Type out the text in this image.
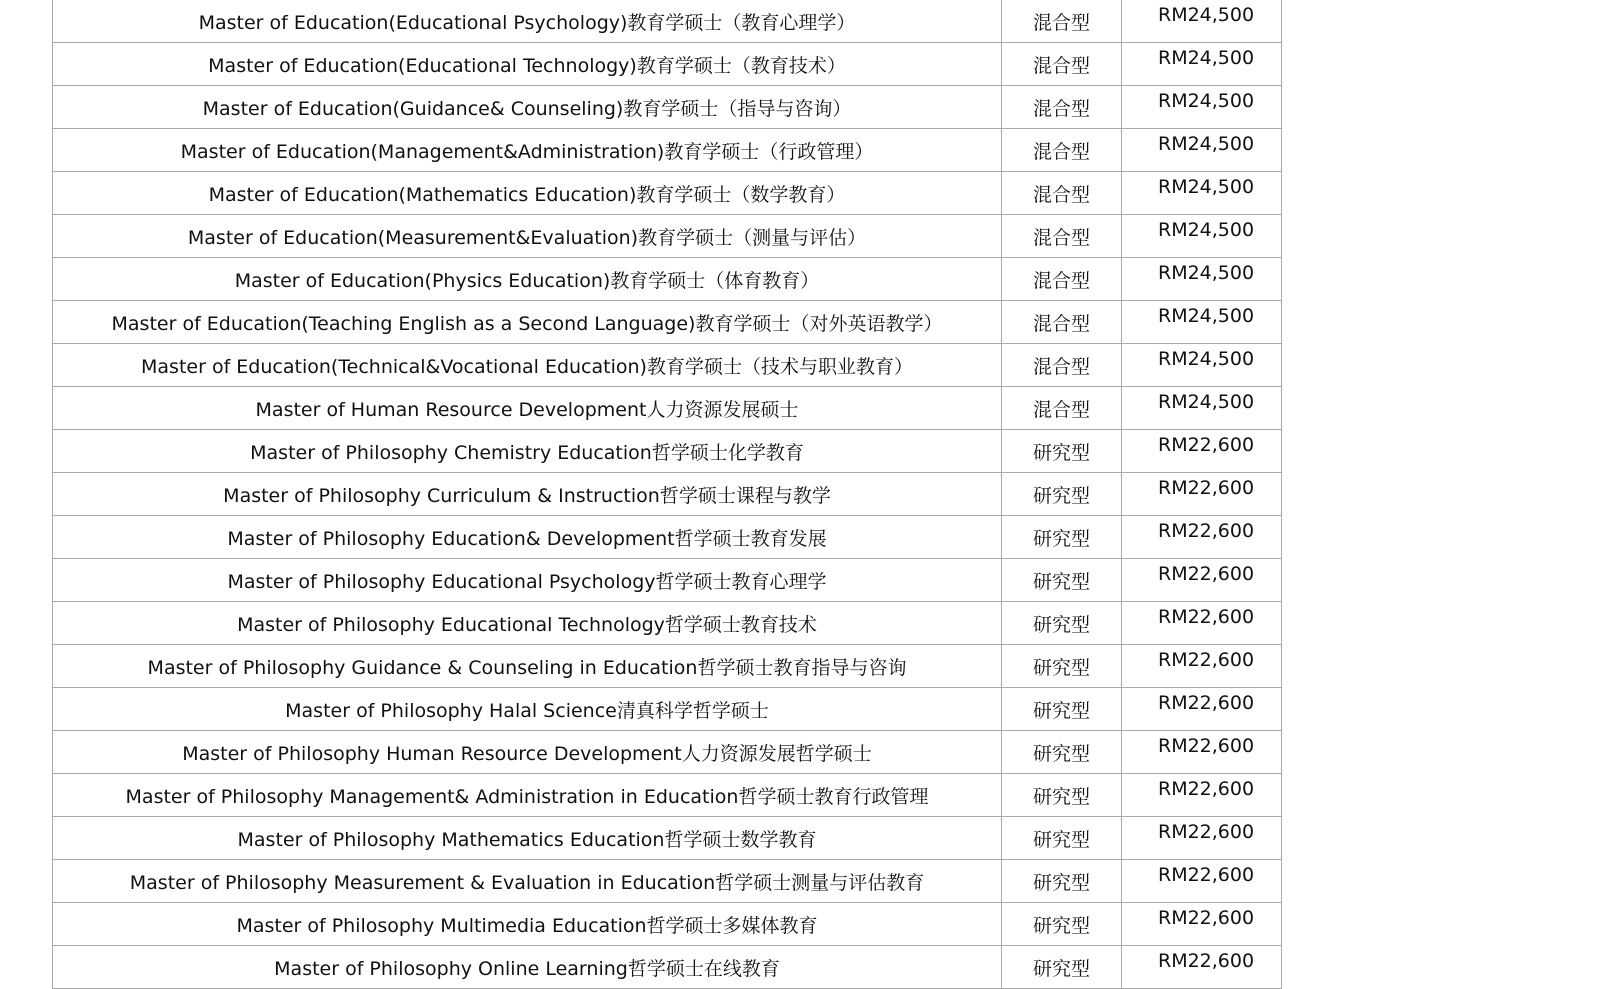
Master of Education(Educational Psychology)教育学硕士（教育心理学）	混合型	RM24,500
Master of Education(Educational Technology)教育学硕士（教育技术）	混合型	RM24,500
Master of Education(Guidance& Counseling)教育学硕士（指导与咨询）	混合型	RM24,500
Master of Education(Management&Administration)教育学硕士（行政管理）	混合型	RM24,500
Master of Education(Mathematics Education)教育学硕士（数学教育）	混合型	RM24,500
Master of Education(Measurement&Evaluation)教育学硕士（测量与评估）	混合型	RM24,500
Master of Education(Physics Education)教育学硕士（体育教育）	混合型	RM24,500
Master of Education(Teaching English as a Second Language)教育学硕士（对外英语教学）	混合型	RM24,500
Master of Education(Technical&Vocational Education)教育学硕士（技术与职业教育）	混合型	RM24,500
Master of Human Resource Development人力资源发展硕士	混合型	RM24,500
Master of Philosophy Chemistry Education哲学硕士化学教育	研究型	RM22,600
Master of Philosophy Curriculum & Instruction哲学硕士课程与教学	研究型	RM22,600
Master of Philosophy Education& Development哲学硕士教育发展	研究型	RM22,600
Master of Philosophy Educational Psychology哲学硕士教育心理学	研究型	RM22,600
Master of Philosophy Educational Technology哲学硕士教育技术	研究型	RM22,600
Master of Philosophy Guidance & Counseling in Education哲学硕士教育指导与咨询	研究型	RM22,600
Master of Philosophy Halal Science清真科学哲学硕士	研究型	RM22,600
Master of Philosophy Human Resource Development人力资源发展哲学硕士	研究型	RM22,600
Master of Philosophy Management& Administration in Education哲学硕士教育行政管理	研究型	RM22,600
Master of Philosophy Mathematics Education哲学硕士数学教育	研究型	RM22,600
Master of Philosophy Measurement & Evaluation in Education哲学硕士测量与评估教育	研究型	RM22,600
Master of Philosophy Multimedia Education哲学硕士多媒体教育	研究型	RM22,600
Master of Philosophy Online Learning哲学硕士在线教育	研究型	RM22,600
